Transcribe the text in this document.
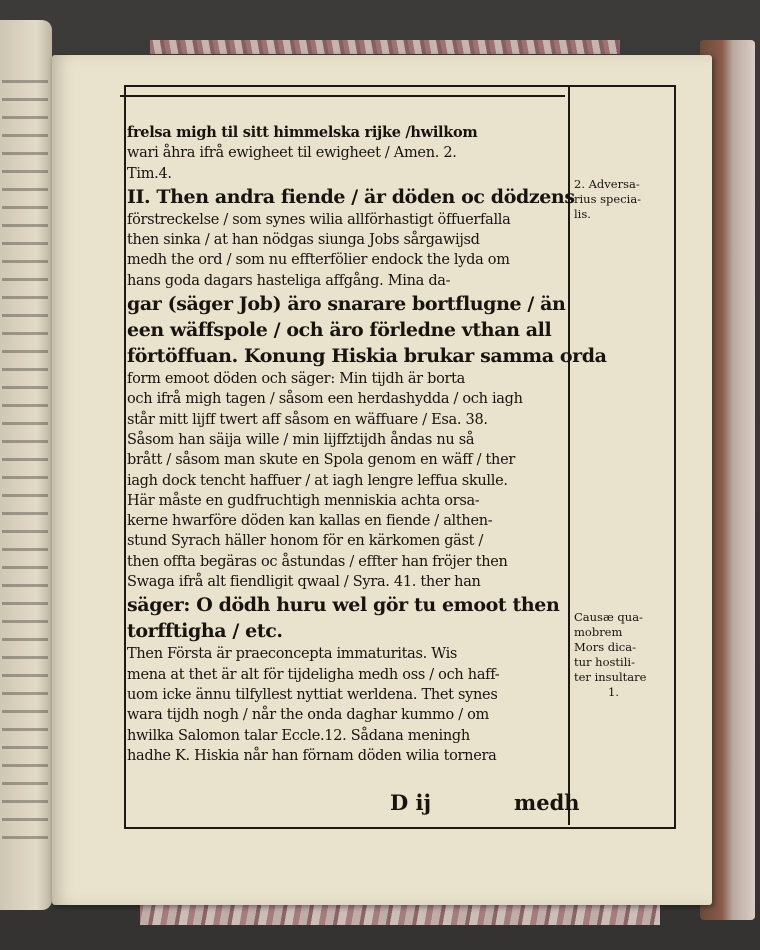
frelsa migh til sitt himmelska rijke /hwilkom
wari åhra ifrå ewigheet til ewigheet / Amen. 2.
Tim.4.
II. Then andra fiende / är döden oc dödzens
förstreckelse / som synes wilia allförhastigt öffuerfalla
then sinka / at han nödgas siunga Jobs sårgawijsd
medh the ord / som nu effterfölier endock the lyda om
hans goda dagars hasteliga affgång. Mina da-
gar (säger Job) äro snarare bortflugne / än
een wäffspole / och äro förledne vthan all
förtöffuan. Konung Hiskia brukar samma orda
form emoot döden och säger: Min tijdh är borta
och ifrå migh tagen / såsom een herdashydda / och iagh
står mitt lijff twert aff såsom en wäffuare / Esa. 38.
Såsom han säija wille / min lijffztijdh åndas nu så
brått / såsom man skute en Spola genom en wäff / ther
iagh dock tencht haffuer / at iagh lengre leffua skulle.
Här måste en gudfruchtigh menniskia achta orsa-
kerne hwarföre döden kan kallas en fiende / althen-
stund Syrach häller honom för en kärkomen gäst /
then offta begäras oc åstundas / effter han fröjer then
Swaga ifrå alt fiendligit qwaal / Syra. 41. ther han
säger: O dödh huru wel gör tu emoot then
torfftigha / etc.
Then Första är praeconcepta immaturitas. Wis
mena at thet är alt för tijdeligha medh oss / och haff-
uom icke ännu tilfyllest nyttiat werldena. Thet synes
wara tijdh nogh / når the onda daghar kummo / om
hwilka Salomon talar Eccle.12. Sådana meningh
hadhe K. Hiskia når han förnam döden wilia tornera
2. Adversa-
rius specia-
lis.
Causæ qua-
mobrem
Mors dica-
tur hostili-
ter insultare
1.
D ij	medh
